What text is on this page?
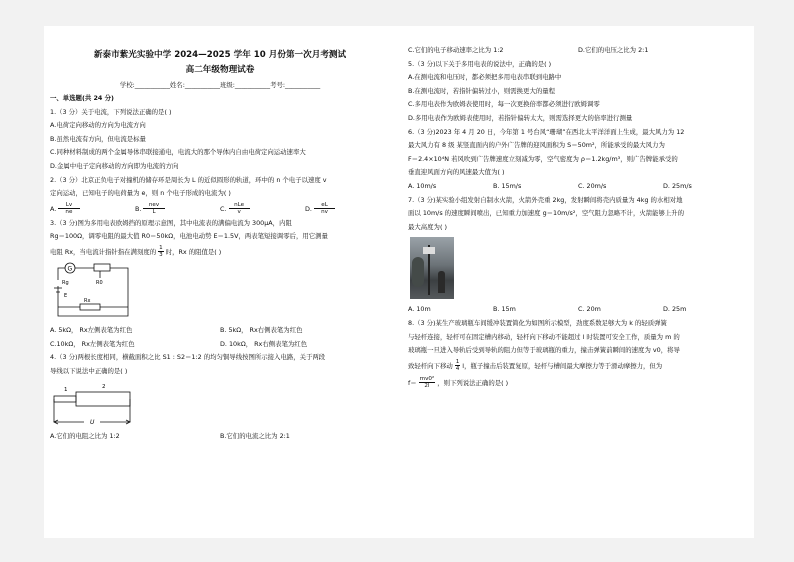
新泰市紫光实验中学 2024—2025 学年 10 月份第一次月考测试
高二年级物理试卷
学校:___________姓名:___________班级:___________考号:___________
一、单选题(共 24 分)
1.（3 分）关于电流，下列说法正确的是( )
A.电荷定向移动的方向为电流方向
B.虽然电流有方向，但电流是标量
C.同种材料制成的两个金属导体串联接通电，电流大的那个导体内自由电荷定向运动速率大
D.金属中电子定向移动的方向即为电流的方向
2.（3 分）北京正负电子对撞机的储存环是周长为 L 的近似圆形的轨道，环中的 n 个电子以速度 v
定向运动，已知电子的电荷量为 e，则 n 个电子形成的电流为( )
A. $\frac{Lv}{ne}$	B. $\frac{\text{nev}}{L}$	C. $\frac{\text{nLe}}{v}$	D. $\frac{eL}{nv}$
3.（3 分)图为多用电表欧姆挡的原理示意图，其中电流表的满偏电流为 300μA，内阻
Rg＝100Ω，调零电阻的最大值 R0＝50kΩ，电池电动势 E＝1.5V，两表笔短接调零后，用它测量
电阻 Rx，当电流计指针指在满刻度的 $\frac{1}{3}$ 时，Rx 的阻值是( )
G
Rg	R0
E
Rx
A. 5kΩ， Rx左侧表笔为红色	B. 5kΩ， Rx右侧表笔为红色
C.10kΩ， Rx左侧表笔为红色	D. 10kΩ， Rx右侧表笔为红色
4.（3 分)两根长度相同，横截面积之比 S1 : S2＝1:2 的均匀铜导线按图所示接入电路，关于两段
导线以下说法中正确的是( )
1	2
U
A.它们的电阻之比为 1:2	B.它们的电流之比为 2:1
C.它们的电子移动速率之比为 1:2	D.它们的电压之比为 2:1
5.（3 分)以下关于多用电表的说法中，正确的是( )
A.在测电流和电压时，都必须把多用电表串联到电路中
B.在测电流时，若指针偏转过小，则需换更大的量程
C.多用电表作为欧姆表使用时，每一次更换倍率都必须进行欧姆调零
D.多用电表作为欧姆表使用时，若指针偏转太大，则需选择更大的倍率进行测量
6.（3 分)2023 年 4 月 20 日，今年第 1 号台风“珊瑚”在西北太平洋洋面上生成，最大风力为 12
最大风力有 8 级 某竖直面内的户外广告牌的迎风面积为 S＝50m²，所能承受的最大风力为
F＝2.4×10⁴N 若风吹到广告牌速度立刻减为零，空气密度为 ρ＝1.2kg/m³，则广告牌能承受的
垂直迎风面方向的风速最大值为( )
A. 10m/s	B. 15m/s	C. 20m/s	D. 25m/s
7.（3 分)某实验小组发射自制水火箭，火箭外壳重 2kg，发射瞬间将壳内质量为 4kg 的水相对地
面以 10m/s 的速度瞬间喷出，已知重力加速度 g＝10m/s²，空气阻力忽略不计，火箭能够上升的
最大高度为( )
A. 10m	B. 15m	C. 20m	D. 25m
8.（3 分)某生产玻璃瓶车间缓冲装置简化为如图所示模型，劲度系数足够大为 k 的轻质弹簧
与轻杆连接，轻杆可在固定槽内移动，轻杆向下移动不能超过 l 时装置可安全工作，质量为 m 的
玻璃瓶一旦进入导轨后受到导轨的阻力但等于玻璃瓶的重力，撞击弹簧前瞬间的速度为 v0，将导
致轻杆向下移动 $\frac{1}{4}$ l，瓶子撞击后装置复原，轻杆与槽间最大摩擦力等于滑动摩擦力，但为
$f= \frac{\text{mv0²}}{2l}$ ，则下列说法正确的是( )
